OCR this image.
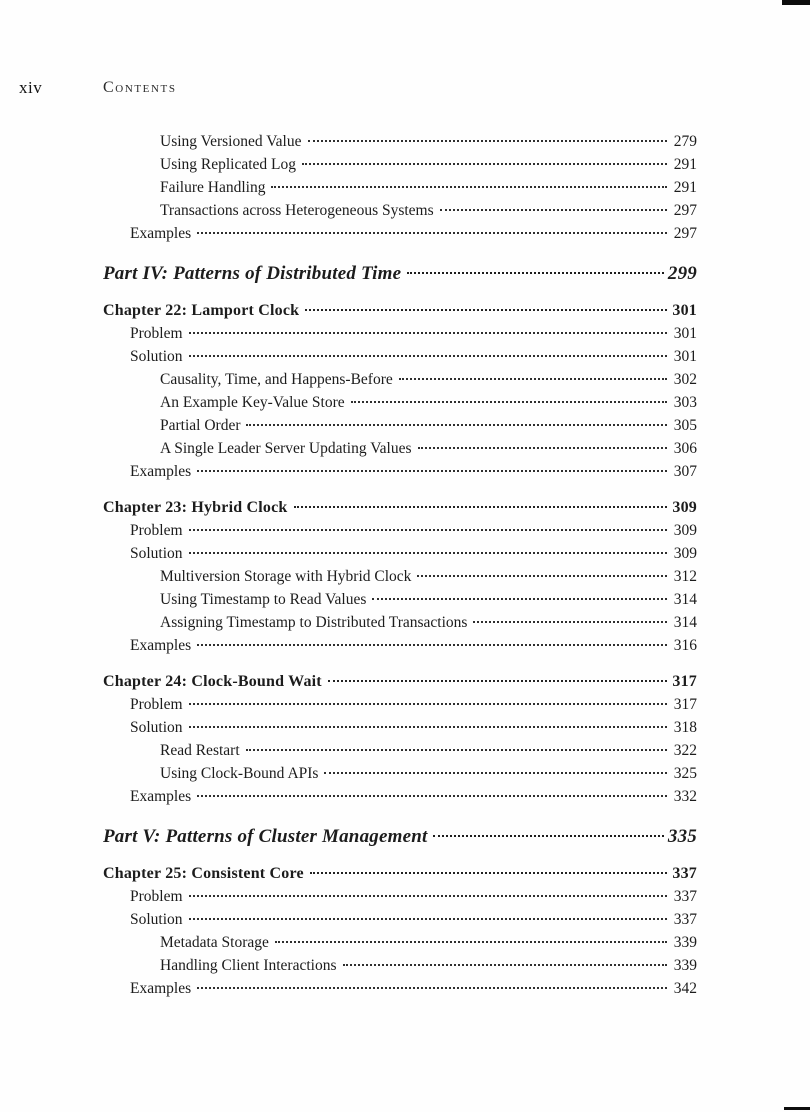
xiv	Contents
Using Versioned Value	279
Using Replicated Log	291
Failure Handling	291
Transactions across Heterogeneous Systems	297
Examples	297
Part IV: Patterns of Distributed Time	299
Chapter 22: Lamport Clock	301
Problem	301
Solution	301
Causality, Time, and Happens-Before	302
An Example Key-Value Store	303
Partial Order	305
A Single Leader Server Updating Values	306
Examples	307
Chapter 23: Hybrid Clock	309
Problem	309
Solution	309
Multiversion Storage with Hybrid Clock	312
Using Timestamp to Read Values	314
Assigning Timestamp to Distributed Transactions	314
Examples	316
Chapter 24: Clock-Bound Wait	317
Problem	317
Solution	318
Read Restart	322
Using Clock-Bound APIs	325
Examples	332
Part V: Patterns of Cluster Management	335
Chapter 25: Consistent Core	337
Problem	337
Solution	337
Metadata Storage	339
Handling Client Interactions	339
Examples	342
